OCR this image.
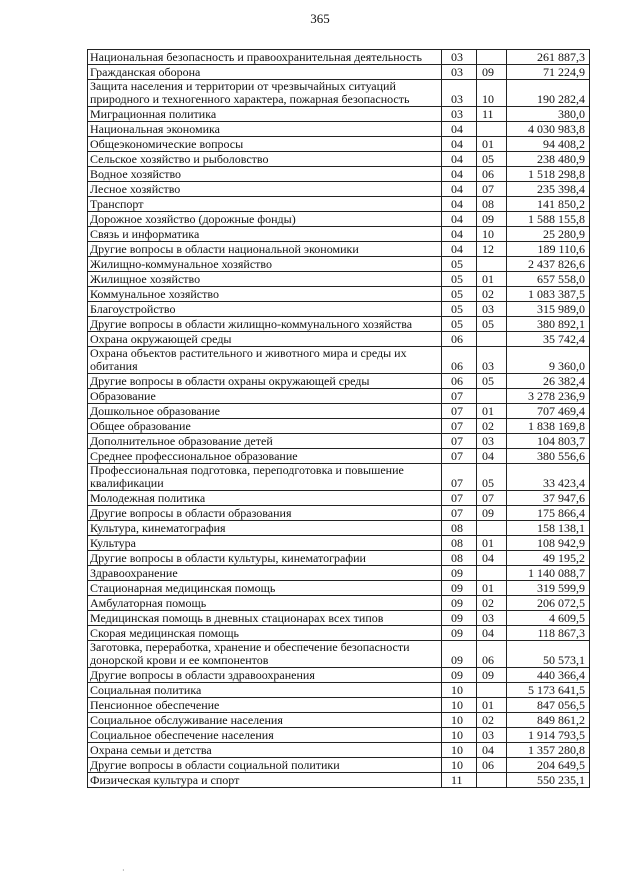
365
Национальная безопасность и правоохранительная деятельность	03		261 887,3
Гражданская оборона	03	09	71 224,9
Защита населения и территории от чрезвычайных ситуаций природного и техногенного характера, пожарная безопасность	03	10	190 282,4
Миграционная политика	03	11	380,0
Национальная экономика	04		4 030 983,8
Общеэкономические вопросы	04	01	94 408,2
Сельское хозяйство и рыболовство	04	05	238 480,9
Водное хозяйство	04	06	1 518 298,8
Лесное хозяйство	04	07	235 398,4
Транспорт	04	08	141 850,2
Дорожное хозяйство (дорожные фонды)	04	09	1 588 155,8
Связь и информатика	04	10	25 280,9
Другие вопросы в области национальной экономики	04	12	189 110,6
Жилищно-коммунальное хозяйство	05		2 437 826,6
Жилищное хозяйство	05	01	657 558,0
Коммунальное хозяйство	05	02	1 083 387,5
Благоустройство	05	03	315 989,0
Другие вопросы в области жилищно-коммунального хозяйства	05	05	380 892,1
Охрана окружающей среды	06		35 742,4
Охрана объектов растительного и животного мира и среды их обитания	06	03	9 360,0
Другие вопросы в области охраны окружающей среды	06	05	26 382,4
Образование	07		3 278 236,9
Дошкольное образование	07	01	707 469,4
Общее образование	07	02	1 838 169,8
Дополнительное образование детей	07	03	104 803,7
Среднее профессиональное образование	07	04	380 556,6
Профессиональная подготовка, переподготовка и повышение квалификации	07	05	33 423,4
Молодежная политика	07	07	37 947,6
Другие вопросы в области образования	07	09	175 866,4
Культура, кинематография	08		158 138,1
Культура	08	01	108 942,9
Другие вопросы в области культуры, кинематографии	08	04	49 195,2
Здравоохранение	09		1 140 088,7
Стационарная медицинская помощь	09	01	319 599,9
Амбулаторная помощь	09	02	206 072,5
Медицинская помощь в дневных стационарах всех типов	09	03	4 609,5
Скорая медицинская помощь	09	04	118 867,3
Заготовка, переработка, хранение и обеспечение безопасности донорской крови и ее компонентов	09	06	50 573,1
Другие вопросы в области здравоохранения	09	09	440 366,4
Социальная политика	10		5 173 641,5
Пенсионное обеспечение	10	01	847 056,5
Социальное обслуживание населения	10	02	849 861,2
Социальное обеспечение населения	10	03	1 914 793,5
Охрана семьи и детства	10	04	1 357 280,8
Другие вопросы в области социальной политики	10	06	204 649,5
Физическая культура и спорт	11		550 235,1
·
